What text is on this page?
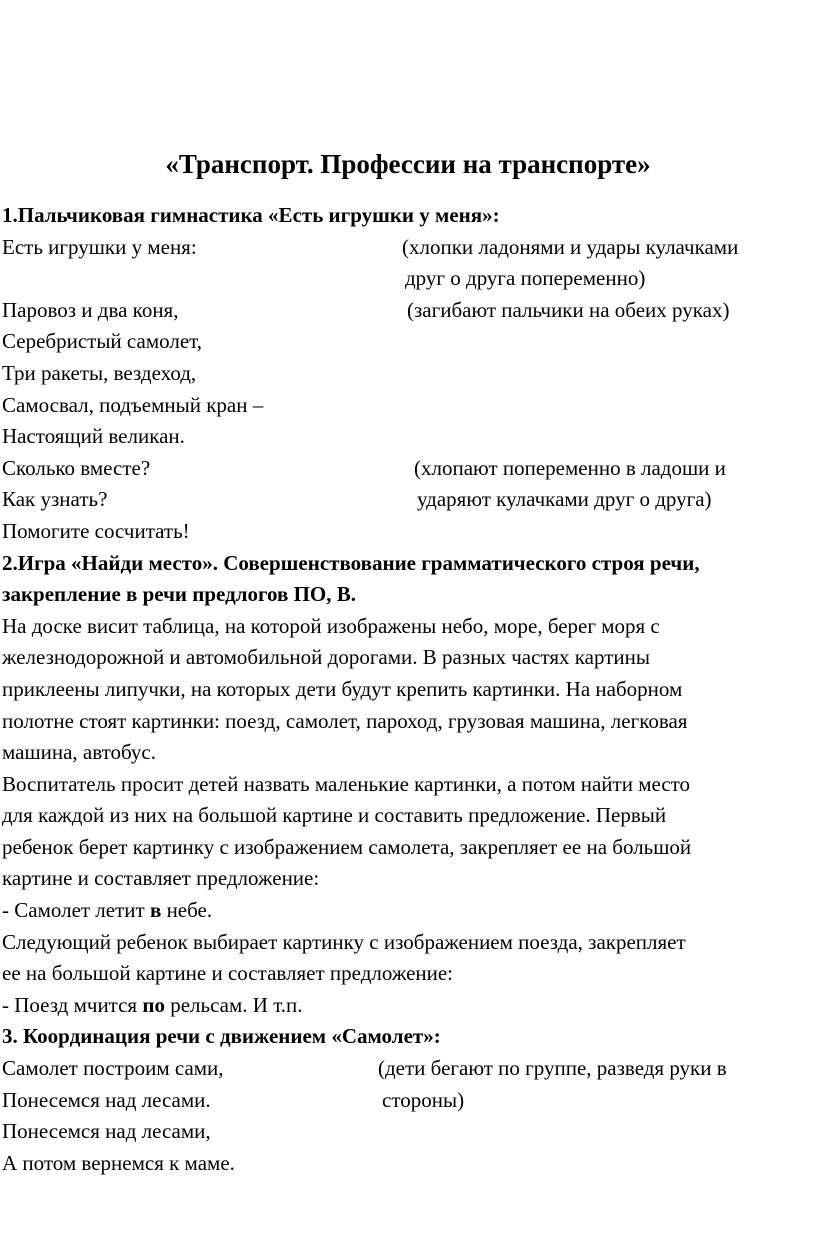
«Транспорт. Профессии на транспорте»
1.Пальчиковая гимнастика «Есть игрушки у меня»:
Есть игрушки у меня:	(хлопки ладонями и удары кулачками
друг о друга попеременно)
Паровоз и два коня,	(загибают пальчики на обеих руках)
Серебристый самолет,
Три ракеты, вездеход,
Самосвал, подъемный кран –
Настоящий великан.
Сколько вместе?	(хлопают попеременно в ладоши и
Как узнать?	ударяют кулачками друг о друга)
Помогите сосчитать!
2.Игра «Найди место». Совершенствование грамматического строя речи,
закрепление в речи предлогов ПО, В.
На доске висит таблица, на которой изображены небо, море, берег моря с
железнодорожной и автомобильной дорогами. В разных частях картины
приклеены липучки, на которых дети будут крепить картинки. На наборном
полотне стоят картинки: поезд, самолет, пароход, грузовая машина, легковая
машина, автобус.
Воспитатель просит детей назвать маленькие картинки, а потом найти место
для каждой из них на большой картине и составить предложение. Первый
ребенок берет картинку с изображением самолета, закрепляет ее на большой
картине и составляет предложение:
- Самолет летит в небе.
Следующий ребенок выбирает картинку с изображением поезда, закрепляет
ее на большой картине и составляет предложение:
- Поезд мчится по рельсам. И т.п.
3. Координация речи с движением «Самолет»:
Самолет построим сами,	(дети бегают по группе, разведя руки в
Понесемся над лесами.	стороны)
Понесемся над лесами,
А потом вернемся к маме.
